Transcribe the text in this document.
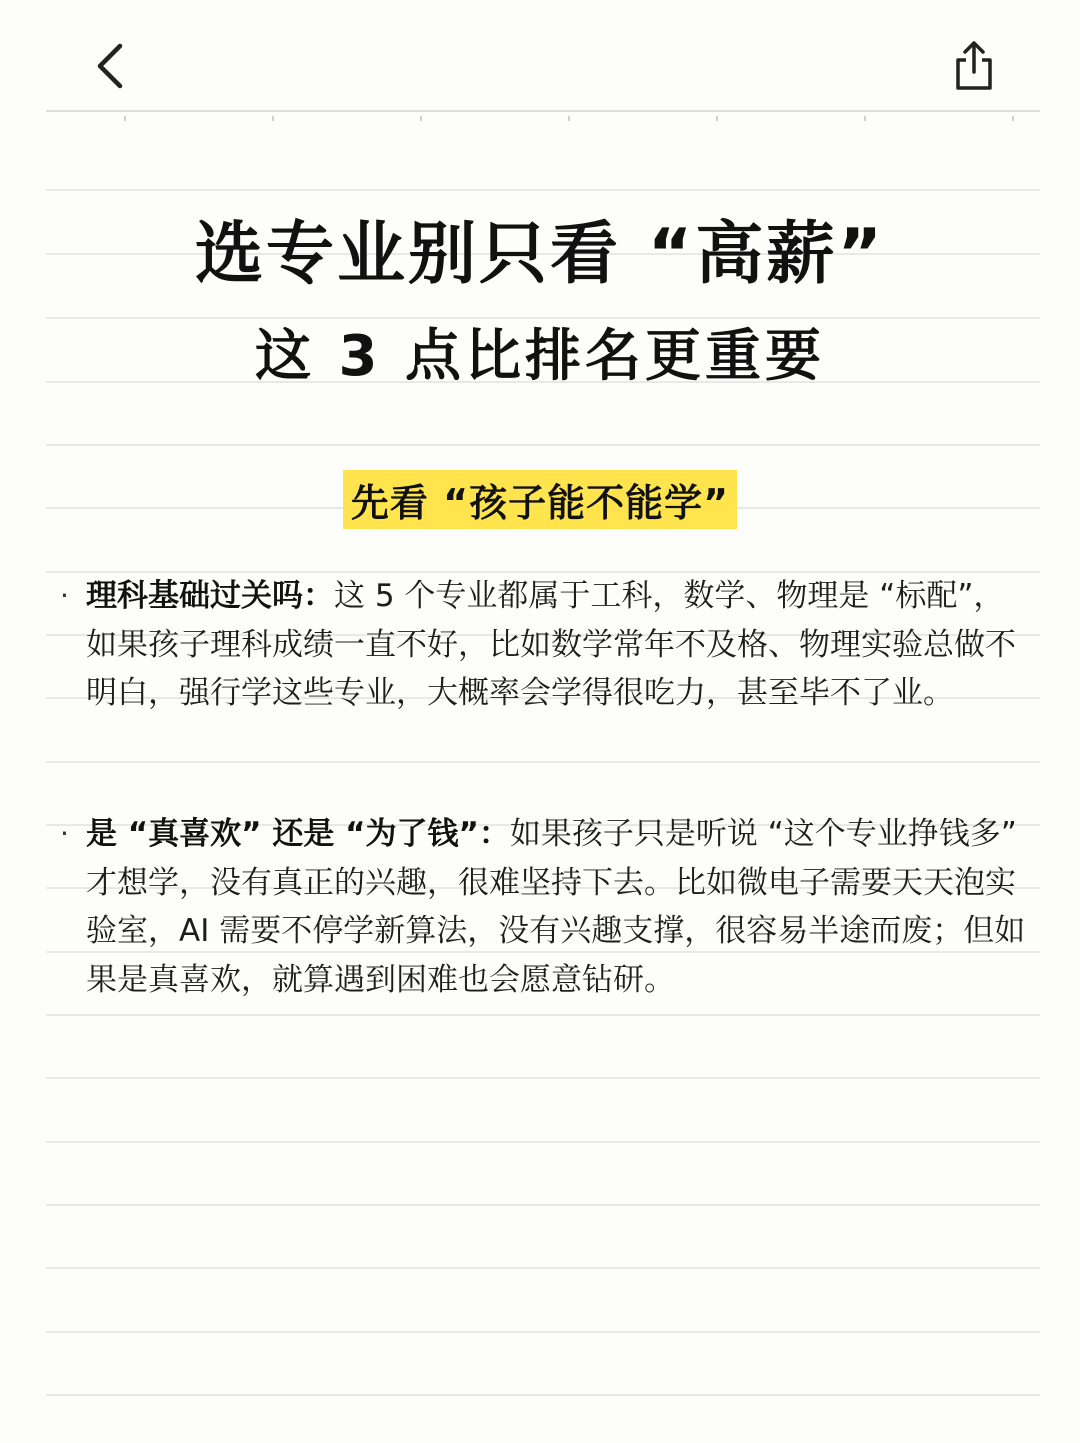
选专业别只看 “高薪”
这 3 点比排名更重要
先看 “孩子能不能学”
· 理科基础过关吗：这 5 个专业都属于工科，数学、物理是 “标配”，如果孩子理科成绩一直不好，比如数学常年不及格、物理实验总做不明白，强行学这些专业，大概率会学得很吃力，甚至毕不了业。
· 是 “真喜欢” 还是 “为了钱”：如果孩子只是听说 “这个专业挣钱多” 才想学，没有真正的兴趣，很难坚持下去。比如微电子需要天天泡实验室，AI 需要不停学新算法，没有兴趣支撑，很容易半途而废；但如果是真喜欢，就算遇到困难也会愿意钻研。
